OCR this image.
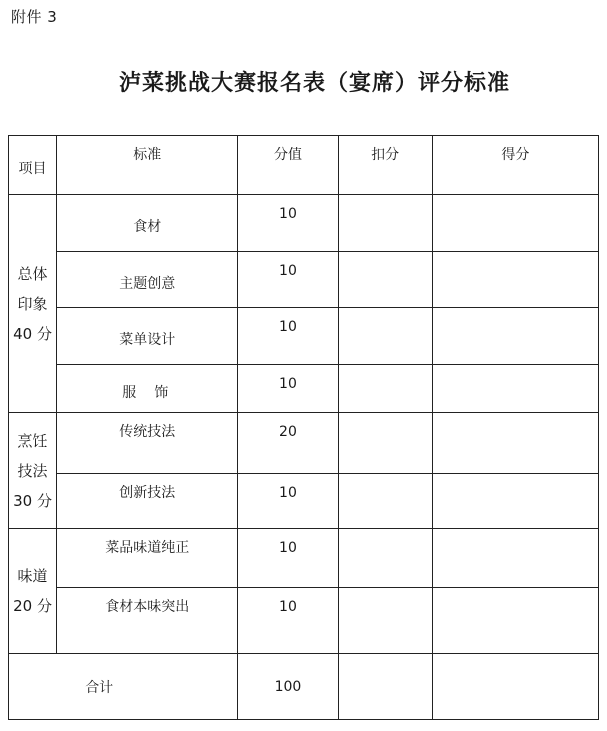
附件 3
泸菜挑战大赛报名表（宴席）评分标准
项目	标准	分值	扣分	得分

总体
印象
40 分	食材	10		
	主题创意	10		
	菜单设计	10		
	服饰	10		

烹饪
技法
30 分	传统技法	20		
	创新技法	10		

味道
20 分	菜品味道纯正	10		
	食材本味突出	10		
合计		100		
